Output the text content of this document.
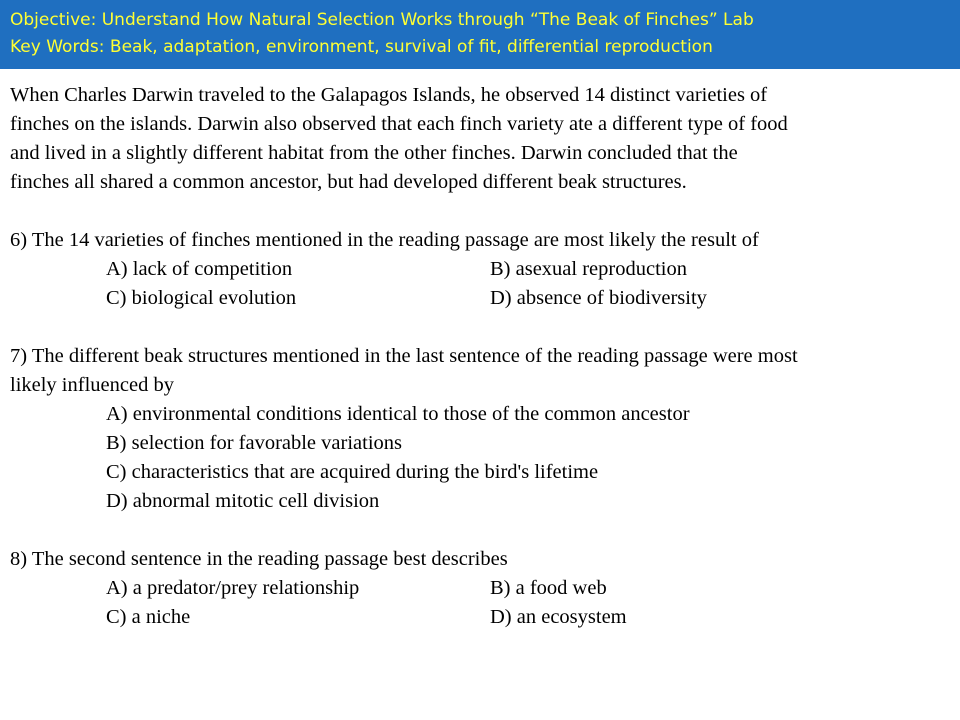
Objective: Understand How Natural Selection Works through “The Beak of Finches” Lab
Key Words: Beak, adaptation, environment, survival of fit, differential reproduction
When Charles Darwin traveled to the Galapagos Islands, he observed 14 distinct varieties of
finches on the islands. Darwin also observed that each finch variety ate a different type of food
and lived in a slightly different habitat from the other finches. Darwin concluded that the
finches all shared a common ancestor, but had developed different beak structures.
6) The 14 varieties of finches mentioned in the reading passage are most likely the result of
A) lack of competition	B) asexual reproduction
C) biological evolution	D) absence of biodiversity
7) The different beak structures mentioned in the last sentence of the reading passage were most
likely influenced by
A) environmental conditions identical to those of the common ancestor
B) selection for favorable variations
C) characteristics that are acquired during the bird's lifetime
D) abnormal mitotic cell division
8) The second sentence in the reading passage best describes
A) a predator/prey relationship	B) a food web
C) a niche	D) an ecosystem
